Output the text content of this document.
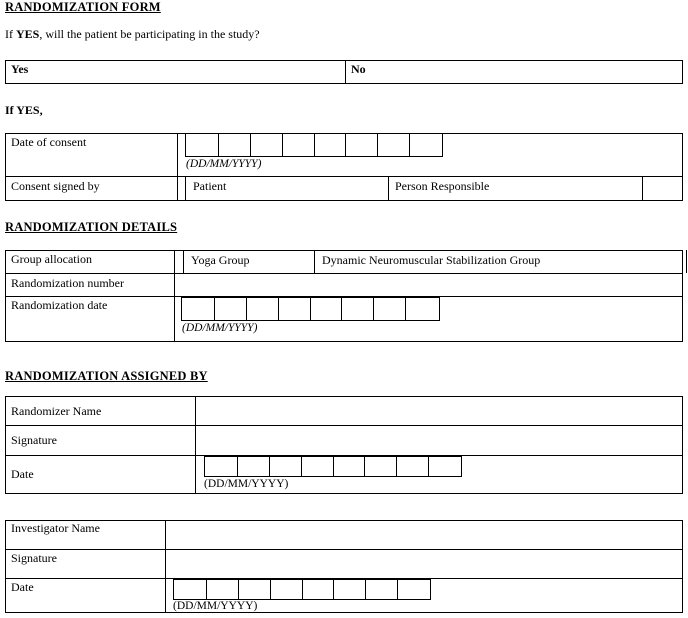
RANDOMIZATION FORM
If YES, will the patient be participating in the study?
Yes	No
If YES,
Date of consent
(DD/MM/YYYY)
Consent signed by	Patient	Person Responsible
RANDOMIZATION DETAILS
Group allocation	Yoga Group	Dynamic Neuromuscular Stabilization Group
Randomization number
Randomization date
(DD/MM/YYYY)
RANDOMIZATION ASSIGNED BY
Randomizer Name
Signature
Date
(DD/MM/YYYY)
Investigator Name
Signature
Date
(DD/MM/YYYY)
